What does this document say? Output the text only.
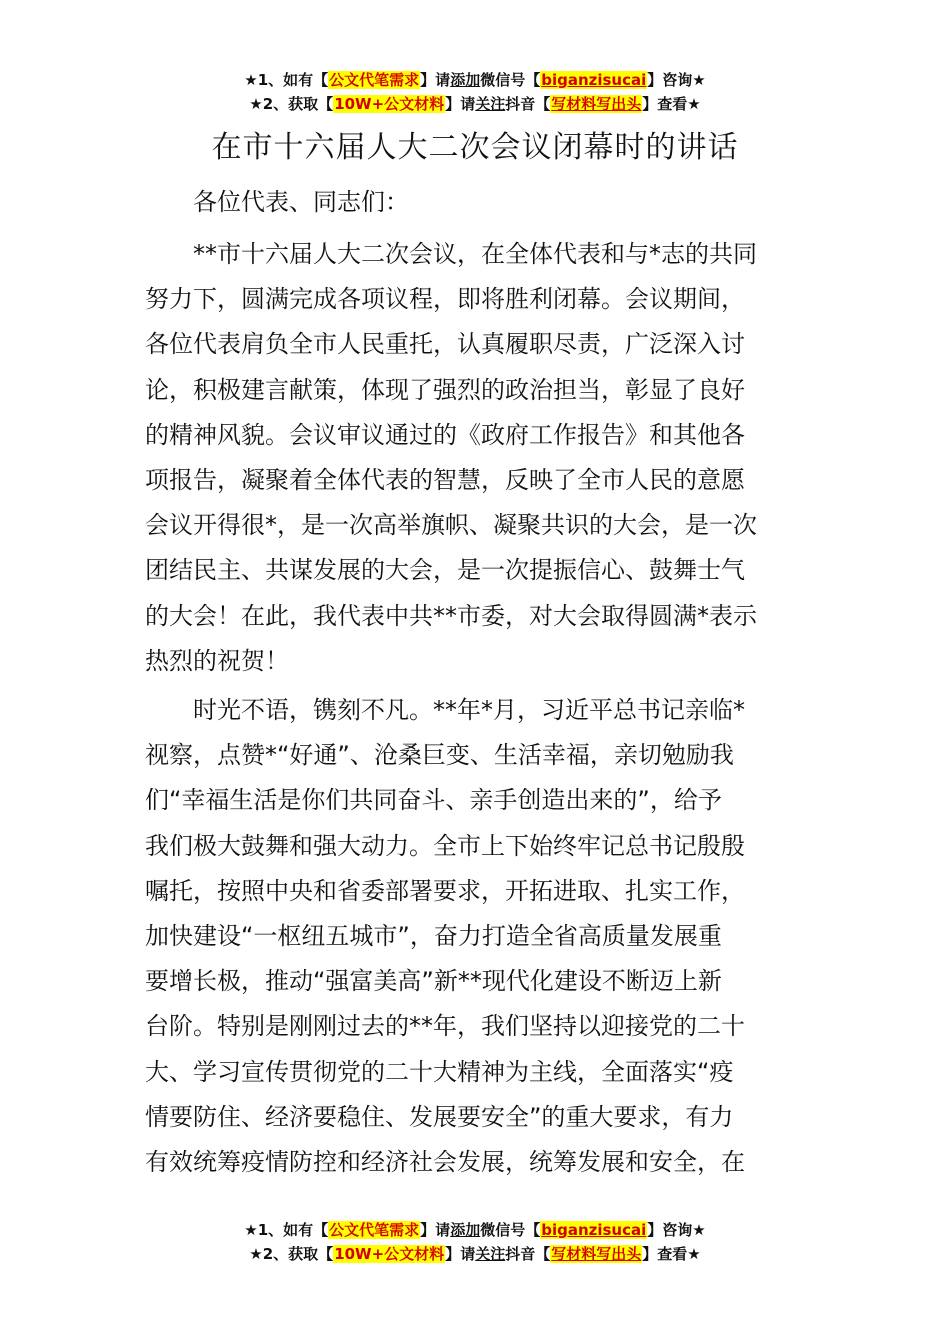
★1、如有【公文代笔需求】请添加微信号【biganzisucai】咨询★
★2、获取【10W+公文材料】请关注抖音【写材料写出头】查看★
在市十六届人大二次会议闭幕时的讲话

各位代表、同志们：

**市十六届人大二次会议，在全体代表和与*志的共同
努力下，圆满完成各项议程，即将胜利闭幕。会议期间，
各位代表肩负全市人民重托，认真履职尽责，广泛深入讨
论，积极建言献策，体现了强烈的政治担当，彰显了良好
的精神风貌。会议审议通过的《政府工作报告》和其他各
项报告，凝聚着全体代表的智慧，反映了全市人民的意愿
会议开得很*，是一次高举旗帜、凝聚共识的大会，是一次
团结民主、共谋发展的大会，是一次提振信心、鼓舞士气
的大会！在此，我代表中共**市委，对大会取得圆满*表示
热烈的祝贺！
时光不语，镌刻不凡。**年*月，习近平总书记亲临*
视察，点赞*“好通”、沧桑巨变、生活幸福，亲切勉励我
们“幸福生活是你们共同奋斗、亲手创造出来的”，给予
我们极大鼓舞和强大动力。全市上下始终牢记总书记殷殷
嘱托，按照中央和省委部署要求，开拓进取、扎实工作，
加快建设“一枢纽五城市”，奋力打造全省高质量发展重
要增长极，推动“强富美高”新**现代化建设不断迈上新
台阶。特别是刚刚过去的**年，我们坚持以迎接党的二十
大、学习宣传贯彻党的二十大精神为主线，全面落实“疫
情要防住、经济要稳住、发展要安全”的重大要求，有力
有效统筹疫情防控和经济社会发展，统筹发展和安全，在
★1、如有【公文代笔需求】请添加微信号【biganzisucai】咨询★
★2、获取【10W+公文材料】请关注抖音【写材料写出头】查看★
